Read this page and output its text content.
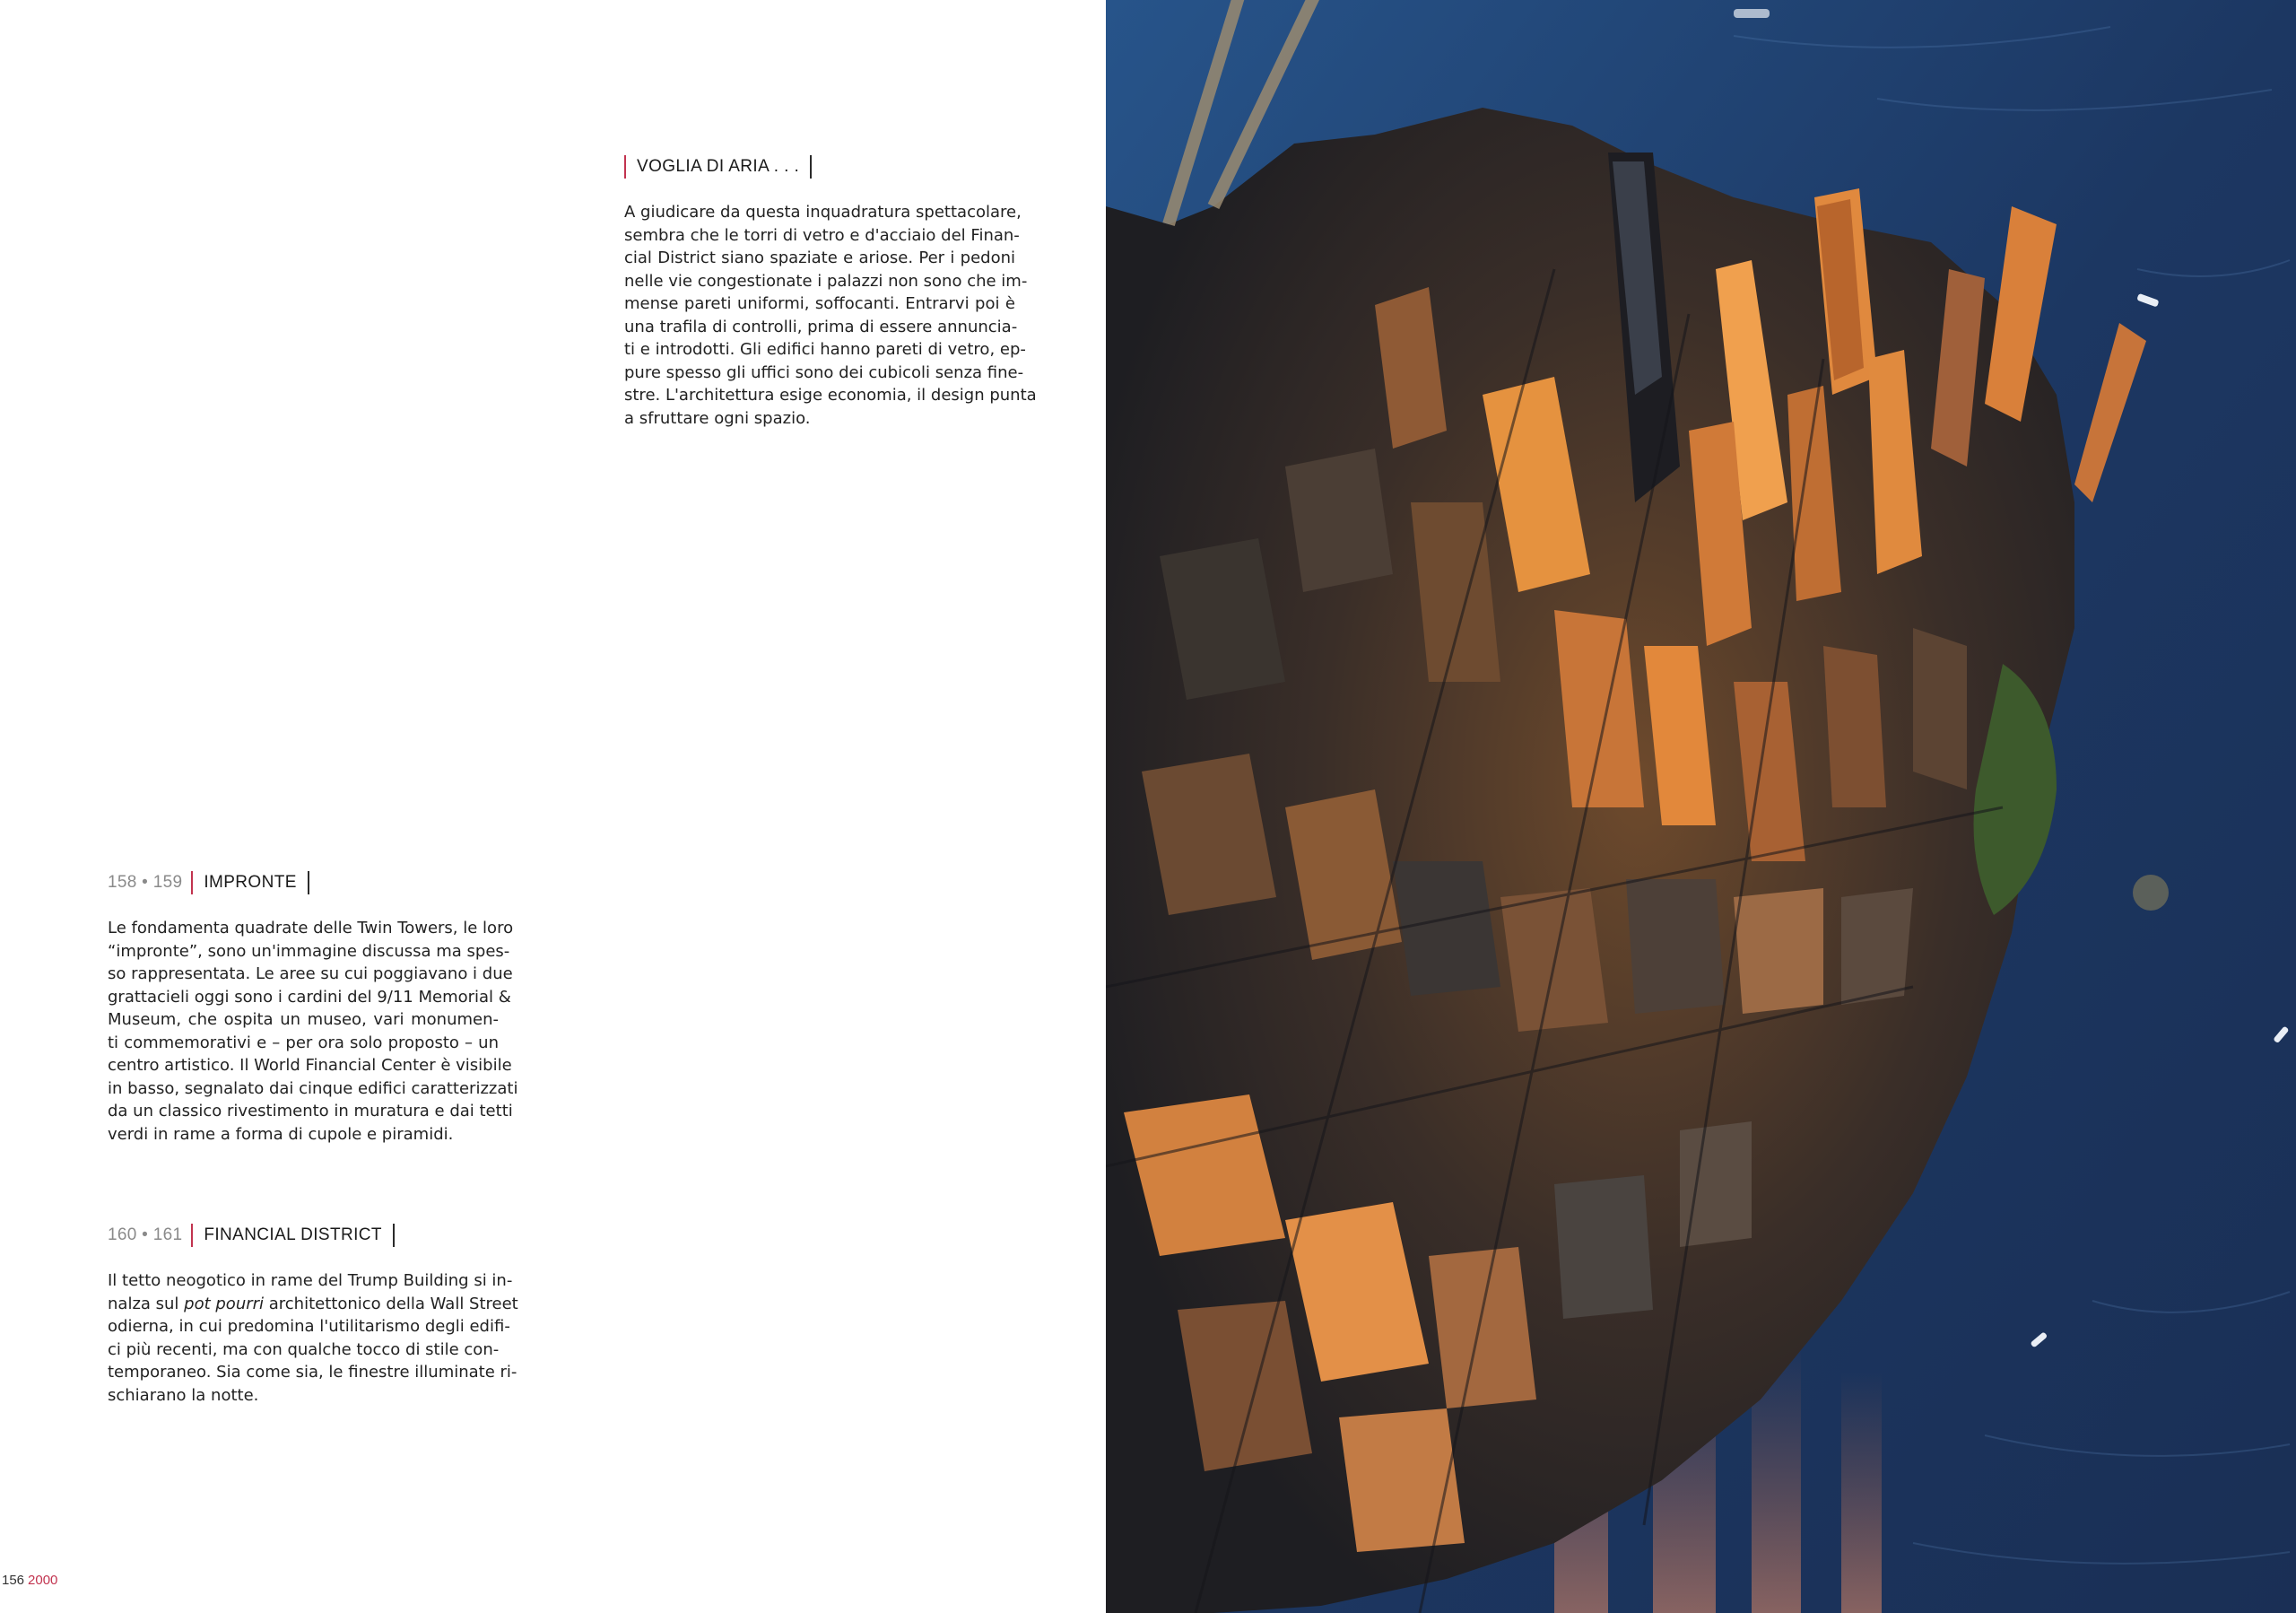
VOGLIA DI ARIA . . .

A giudicare da questa inquadratura spettacolare,
sembra che le torri di vetro e d'acciaio del Finan-
cial District siano spaziate e ariose. Per i pedoni
nelle vie congestionate i palazzi non sono che im-
mense pareti uniformi, soffocanti. Entrarvi poi è
una trafila di controlli, prima di essere annuncia-
ti e introdotti. Gli edifici hanno pareti di vetro, ep-
pure spesso gli uffici sono dei cubicoli senza fine-
stre. L'architettura esige economia, il design punta
a sfruttare ogni spazio.

158 • 159	IMPRONTE

Le fondamenta quadrate delle Twin Towers, le loro
“impronte”, sono un'immagine discussa ma spes-
so rappresentata. Le aree su cui poggiavano i due
grattacieli oggi sono i cardini del 9/11 Memorial &
Museum, che ospita un museo, vari monumen-
ti commemorativi e – per ora solo proposto – un
centro artistico. Il World Financial Center è visibile
in basso, segnalato dai cinque edifici caratterizzati
da un classico rivestimento in muratura e dai tetti
verdi in rame a forma di cupole e piramidi.

160 • 161	FINANCIAL DISTRICT

Il tetto neogotico in rame del Trump Building si in-
nalza sul pot pourri architettonico della Wall Street
odierna, in cui predomina l'utilitarismo degli edifi-
ci più recenti, ma con qualche tocco di stile con-
temporaneo. Sia come sia, le finestre illuminate ri-
schiarano la notte.

156 2000
